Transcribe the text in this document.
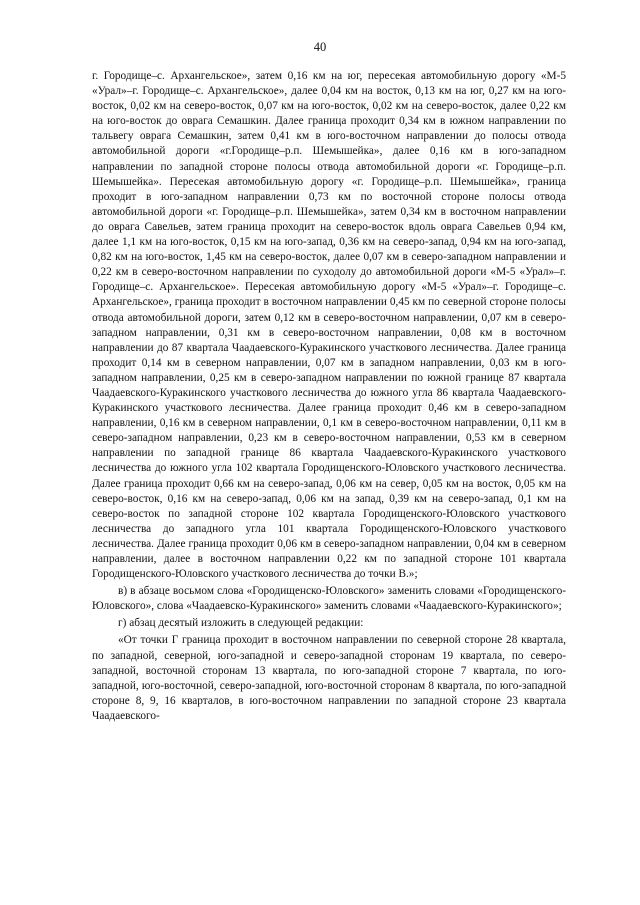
40

г. Городище–с. Архангельское», затем 0,16 км на юг, пересекая автомобильную дорогу «М-5 «Урал»–г. Городище–с. Архангельское», далее 0,04 км на восток, 0,13 км на юг, 0,27 км на юго-восток, 0,02 км на северо-восток, 0,07 км на юго-восток, 0,02 км на северо-восток, далее 0,22 км на юго-восток до оврага Семашкин. Далее граница проходит 0,34 км в южном направлении по тальвегу оврага Семашкин, затем 0,41 км в юго-восточном направлении до полосы отвода автомобильной дороги «г.Городище–р.п. Шемышейка», далее 0,16 км в юго-западном направлении по западной стороне полосы отвода автомобильной дороги «г. Городище–р.п. Шемышейка». Пересекая автомобильную дорогу «г. Городище–р.п. Шемышейка», граница проходит в юго-западном направлении 0,73 км по восточной стороне полосы отвода автомобильной дороги «г. Городище–р.п. Шемышейка», затем 0,34 км в восточном направлении до оврага Савельев, затем граница проходит на северо-восток вдоль оврага Савельев 0,94 км, далее 1,1 км на юго-восток, 0,15 км на юго-запад, 0,36 км на северо-запад, 0,94 км на юго-запад, 0,82 км на юго-восток, 1,45 км на северо-восток, далее 0,07 км в северо-западном направлении и 0,22 км в северо-восточном направлении по суходолу до автомобильной дороги «М-5 «Урал»–г. Городище–с. Архангельское». Пересекая автомобильную дорогу «М-5 «Урал»–г. Городище–с. Архангельское», граница проходит в восточном направлении 0,45 км по северной стороне полосы отвода автомобильной дороги, затем 0,12 км в северо-восточном направлении, 0,07 км в северо-западном направлении, 0,31 км в северо-восточном направлении, 0,08 км в восточном направлении до 87 квартала Чаадаевского-Куракинского участкового лесничества. Далее граница проходит 0,14 км в северном направлении, 0,07 км в западном направлении, 0,03 км в юго-западном направлении, 0,25 км в северо-западном направлении по южной границе 87 квартала Чаадаевского-Куракинского участкового лесничества до южного угла 86 квартала Чаадаевского-Куракинского участкового лесничества. Далее граница проходит 0,46 км в северо-западном направлении, 0,16 км в северном направлении, 0,1 км в северо-восточном направлении, 0,11 км в северо-западном направлении, 0,23 км в северо-восточном направлении, 0,53 км в северном направлении по западной границе 86 квартала Чаадаевского-Куракинского участкового лесничества до южного угла 102 квартала Городищенского-Юловского участкового лесничества. Далее граница проходит 0,66 км на северо-запад, 0,06 км на север, 0,05 км на восток, 0,05 км на северо-восток, 0,16 км на северо-запад, 0,06 км на запад, 0,39 км на северо-запад, 0,1 км на северо-восток по западной стороне 102 квартала Городищенского-Юловского участкового лесничества до западного угла 101 квартала Городищенского-Юловского участкового лесничества. Далее граница проходит 0,06 км в северо-западном направлении, 0,04 км в северном направлении, далее в восточном направлении 0,22 км по западной стороне 101 квартала Городищенского-Юловского участкового лесничества до точки В.»;

в) в абзаце восьмом слова «Городищенско-Юловского» заменить словами «Городищенского-Юловского», слова «Чаадаевско-Куракинского» заменить словами «Чаадаевского-Куракинского»;

г) абзац десятый изложить в следующей редакции:

«От точки Г граница проходит в восточном направлении по северной стороне 28 квартала, по западной, северной, юго-западной и северо-западной сторонам 19 квартала, по северо-западной, восточной сторонам 13 квартала, по юго-западной стороне 7 квартала, по юго-западной, юго-восточной, северо-западной, юго-восточной сторонам 8 квартала, по юго-западной стороне 8, 9, 16 кварталов, в юго-восточном направлении по западной стороне 23 квартала Чаадаевского-
